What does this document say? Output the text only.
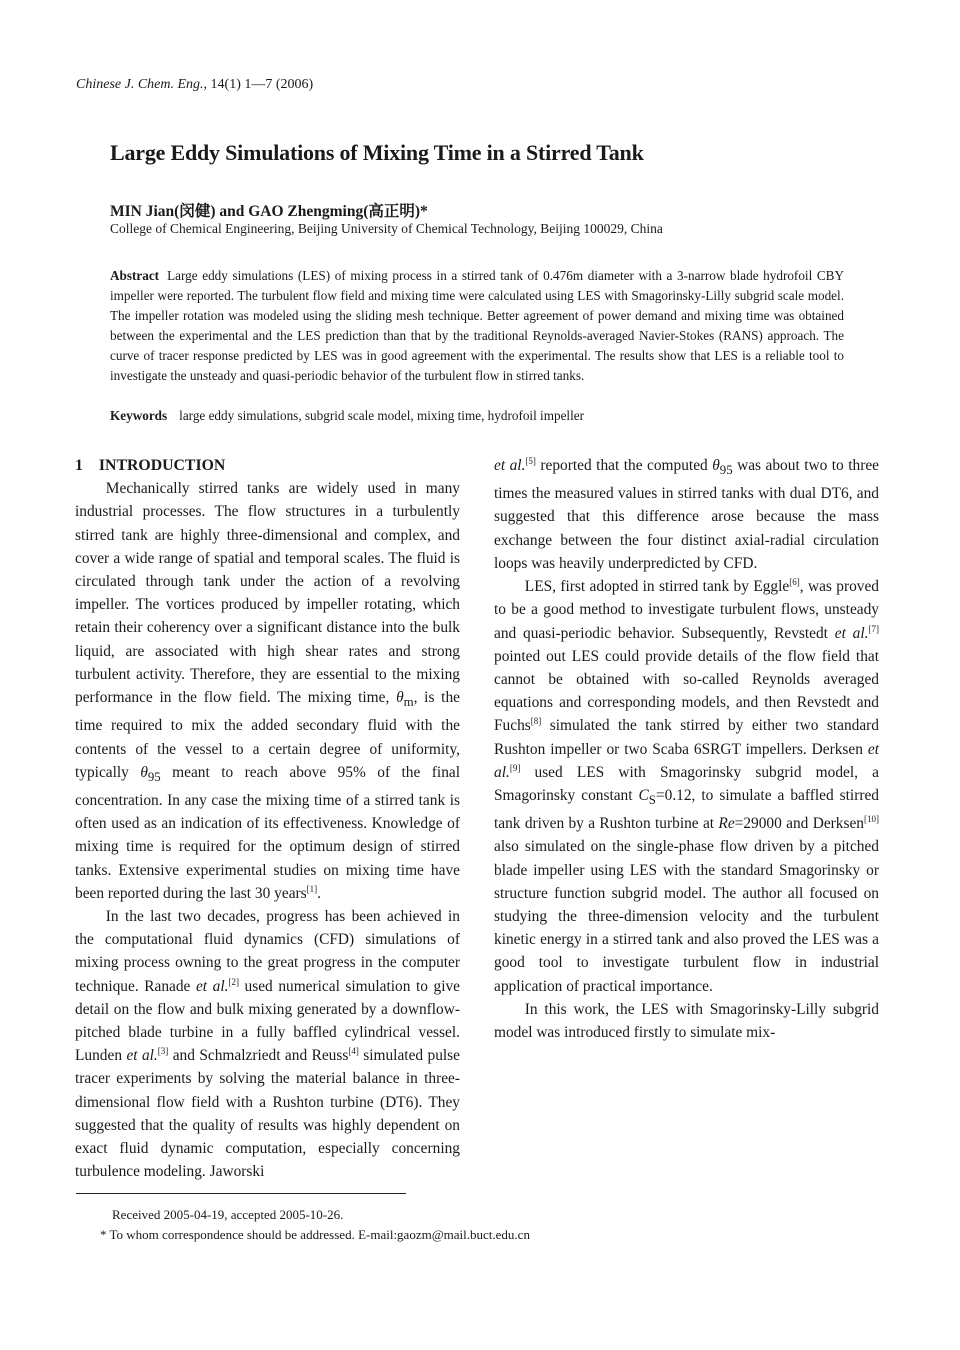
Chinese J. Chem. Eng., 14(1) 1—7 (2006)
Large Eddy Simulations of Mixing Time in a Stirred Tank
MIN Jian(闵健) and GAO Zhengming(高正明)*
College of Chemical Engineering, Beijing University of Chemical Technology, Beijing 100029, China
Abstract Large eddy simulations (LES) of mixing process in a stirred tank of 0.476m diameter with a 3-narrow blade hydrofoil CBY impeller were reported. The turbulent flow field and mixing time were calculated using LES with Smagorinsky-Lilly subgrid scale model. The impeller rotation was modeled using the sliding mesh technique. Better agreement of power demand and mixing time was obtained between the experimental and the LES prediction than that by the traditional Reynolds-averaged Navier-Stokes (RANS) approach. The curve of tracer response predicted by LES was in good agreement with the experimental. The results show that LES is a reliable tool to investigate the unsteady and quasi-periodic behavior of the turbulent flow in stirred tanks.
Keywords large eddy simulations, subgrid scale model, mixing time, hydrofoil impeller
1 INTRODUCTION

Mechanically stirred tanks are widely used in many industrial processes. The flow structures in a turbulently stirred tank are highly three-dimensional and complex, and cover a wide range of spatial and temporal scales. The fluid is circulated through tank under the action of a revolving impeller. The vortices produced by impeller rotating, which retain their coherency over a significant distance into the bulk liquid, are associated with high shear rates and strong turbulent activity. Therefore, they are essential to the mixing performance in the flow field. The mixing time, $\theta_m$, is the time required to mix the added secondary fluid with the contents of the vessel to a certain degree of uniformity, typically $\theta_{95}$ meant to reach above 95% of the final concentration. In any case the mixing time of a stirred tank is often used as an indication of its effectiveness. Knowledge of mixing time is required for the optimum design of stirred tanks. Extensive experimental studies on mixing time have been reported during the last 30 years[1].

In the last two decades, progress has been achieved in the computational fluid dynamics (CFD) simulations of mixing process owning to the great progress in the computer technique. Ranade et al.[2] used numerical simulation to give detail on the flow and bulk mixing generated by a downflow-pitched blade turbine in a fully baffled cylindrical vessel. Lunden et al.[3] and Schmalzriedt and Reuss[4] simulated pulse tracer experiments by solving the material balance in three-dimensional flow field with a Rushton turbine (DT6). They suggested that the quality of results was highly dependent on exact fluid dynamic computation, especially concerning turbulence modeling. Jaworski

et al.[5] reported that the computed $\theta_{95}$ was about two to three times the measured values in stirred tanks with dual DT6, and suggested that this difference arose because the mass exchange between the four distinct axial-radial circulation loops was heavily underpredicted by CFD.

LES, first adopted in stirred tank by Eggle[6], was proved to be a good method to investigate turbulent flows, unsteady and quasi-periodic behavior. Subsequently, Revstedt et al.[7] pointed out LES could provide details of the flow field that cannot be obtained with so-called Reynolds averaged equations and corresponding models, and then Revstedt and Fuchs[8] simulated the tank stirred by either two standard Rushton impeller or two Scaba 6SRGT impellers. Derksen et al.[9] used LES with Smagorinsky subgrid model, a Smagorinsky constant $C_S=0.12$, to simulate a baffled stirred tank driven by a Rushton turbine at Re=29000 and Derksen[10] also simulated on the single-phase flow driven by a pitched blade impeller using LES with the standard Smagorinsky or structure function subgrid model. The author all focused on studying the three-dimension velocity and the turbulent kinetic energy in a stirred tank and also proved the LES was a good tool to investigate turbulent flow in industrial application of practical importance.

In this work, the LES with Smagorinsky-Lilly subgrid model was introduced firstly to simulate mix-

Received 2005-04-19, accepted 2005-10-26.
* To whom correspondence should be addressed. E-mail:gaozm@mail.buct.edu.cn
